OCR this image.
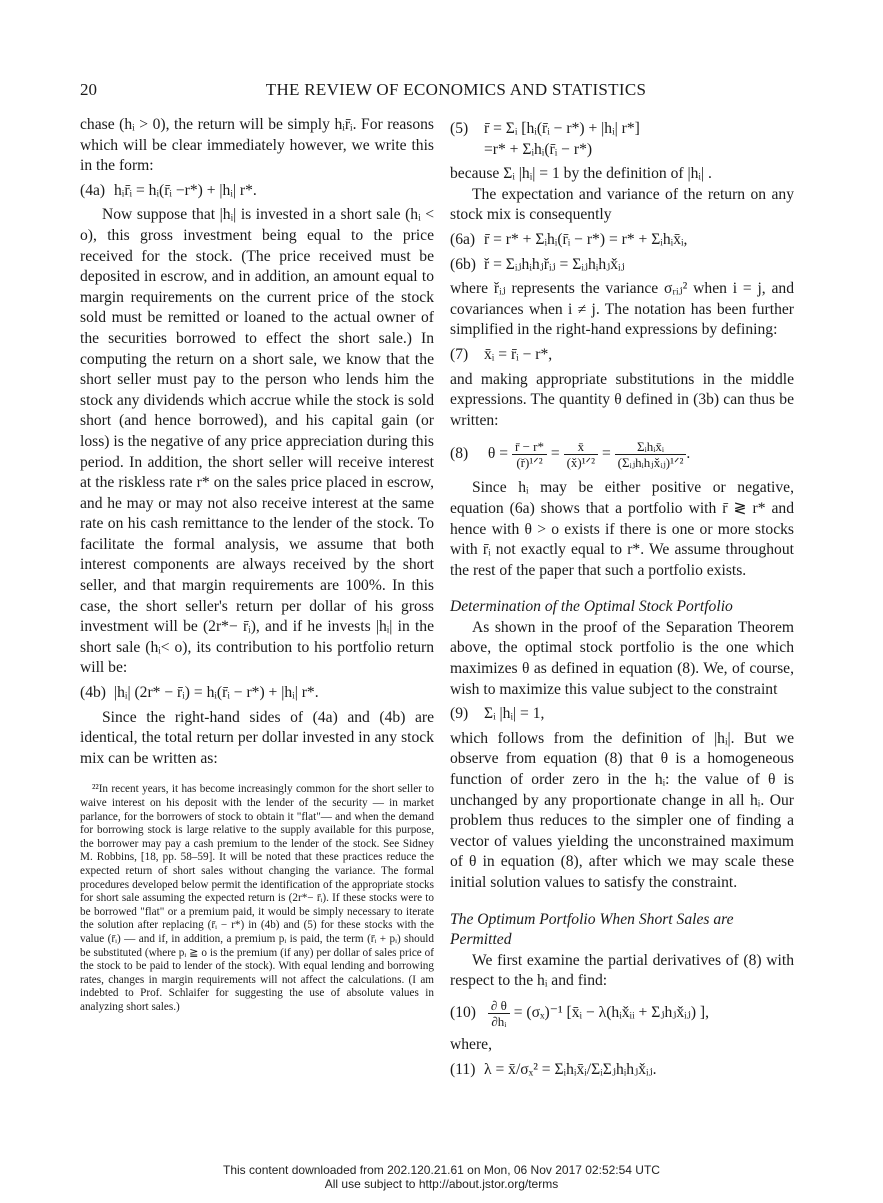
20	THE REVIEW OF ECONOMICS AND STATISTICS

chase (hᵢ > 0), the return will be simply hᵢr̄ᵢ. For reasons which will be clear immediately however, we write this in the form:

(4a) hᵢr̄ᵢ = hᵢ(r̄ᵢ −r*) + |hᵢ| r*.

Now suppose that |hᵢ| is invested in a short sale (hᵢ < o), this gross investment being equal to the price received for the stock. (The price received must be deposited in escrow, and in addition, an amount equal to margin requirements on the current price of the stock sold must be remitted or loaned to the actual owner of the securities borrowed to effect the short sale.) In computing the return on a short sale, we know that the short seller must pay to the person who lends him the stock any dividends which accrue while the stock is sold short (and hence borrowed), and his capital gain (or loss) is the negative of any price appreciation during this period. In addition, the short seller will receive interest at the riskless rate r* on the sales price placed in escrow, and he may or may not also receive interest at the same rate on his cash remittance to the lender of the stock. To facilitate the formal analysis, we assume that both interest components are always received by the short seller, and that margin requirements are 100%. In this case, the short seller's return per dollar of his gross investment will be (2r*− r̄ᵢ), and if he invests |hᵢ| in the short sale (hᵢ< o), its contribution to his portfolio return will be:

(4b) |hᵢ| (2r* − r̄ᵢ) = hᵢ(r̄ᵢ − r*) + |hᵢ| r*.

Since the right-hand sides of (4a) and (4b) are identical, the total return per dollar invested in any stock mix can be written as:

²²In recent years, it has become increasingly common for the short seller to waive interest on his deposit with the lender of the security — in market parlance, for the borrowers of stock to obtain it "flat"— and when the demand for borrowing stock is large relative to the supply available for this purpose, the borrower may pay a cash premium to the lender of the stock. See Sidney M. Robbins, [18, pp. 58–59]. It will be noted that these practices reduce the expected return of short sales without changing the variance. The formal procedures developed below permit the identification of the appropriate stocks for short sale assuming the expected return is (2r*− r̄ᵢ). If these stocks were to be borrowed "flat" or a premium paid, it would be simply necessary to iterate the solution after replacing (r̄ᵢ − r*) in (4b) and (5) for these stocks with the value (r̄ᵢ) — and if, in addition, a premium pᵢ is paid, the term (r̄ᵢ + pᵢ) should be substituted (where pᵢ ≧ o is the premium (if any) per dollar of sales price of the stock to be paid to lender of the stock). With equal lending and borrowing rates, changes in margin requirements will not affect the calculations. (I am indebted to Prof. Schlaifer for suggesting the use of absolute values in analyzing short sales.)

(5) r̄ = Σᵢ [hᵢ(r̄ᵢ − r*) + |hᵢ| r*]
=r* + Σᵢhᵢ(r̄ᵢ − r*)

because Σᵢ |hᵢ| = 1 by the definition of |hᵢ| .

The expectation and variance of the return on any stock mix is consequently

(6a) r̄ = r* + Σᵢhᵢ(r̄ᵢ − r*) = r* + Σᵢhᵢx̄ᵢ,
(6b) ř = Σᵢⱼhᵢhⱼřᵢⱼ = Σᵢⱼhᵢhⱼx̌ᵢⱼ

where řᵢⱼ represents the variance σᵣᵢⱼ² when i = j, and covariances when i ≠ j. The notation has been further simplified in the right-hand expressions by defining:

(7) x̄ᵢ = r̄ᵢ − r*,

and making appropriate substitutions in the middle expressions. The quantity θ defined in (3b) can thus be written:

(8) $\theta = \frac{r̄ - r*}{\text{(ř)¹ᐟ²}} = \frac{x̄}{\text{(x̌)¹ᐟ²}} = \frac{\text{Σᵢhᵢx̄ᵢ}}{\text{(Σᵢⱼhᵢhⱼx̌ᵢⱼ)¹ᐟ²}}$ .

Since hᵢ may be either positive or negative, equation (6a) shows that a portfolio with r̄ ≷ r* and hence with θ > o exists if there is one or more stocks with r̄ᵢ not exactly equal to r*. We assume throughout the rest of the paper that such a portfolio exists.

Determination of the Optimal Stock Portfolio

As shown in the proof of the Separation Theorem above, the optimal stock portfolio is the one which maximizes θ as defined in equation (8). We, of course, wish to maximize this value subject to the constraint

(9) Σᵢ |hᵢ| = 1,

which follows from the definition of |hᵢ|. But we observe from equation (8) that θ is a homogeneous function of order zero in the hᵢ: the value of θ is unchanged by any proportionate change in all hᵢ. Our problem thus reduces to the simpler one of finding a vector of values yielding the unconstrained maximum of θ in equation (8), after which we may scale these initial solution values to satisfy the constraint.

The Optimum Portfolio When Short Sales are Permitted

We first examine the partial derivatives of (8) with respect to the hᵢ and find:

$(10) \frac{\partial \theta}{\text{∂hᵢ}} = (\sigma_x)^{-1}$ [x̄ᵢ − λ(hᵢx̌ᵢᵢ + Σⱼhⱼx̌ᵢⱼ) ],

where,

(11) λ = x̄/σₓ² = Σᵢhᵢx̄ᵢ/ΣᵢΣⱼhᵢhⱼx̌ᵢⱼ.
This content downloaded from 202.120.21.61 on Mon, 06 Nov 2017 02:52:54 UTC
All use subject to http://about.jstor.org/terms
